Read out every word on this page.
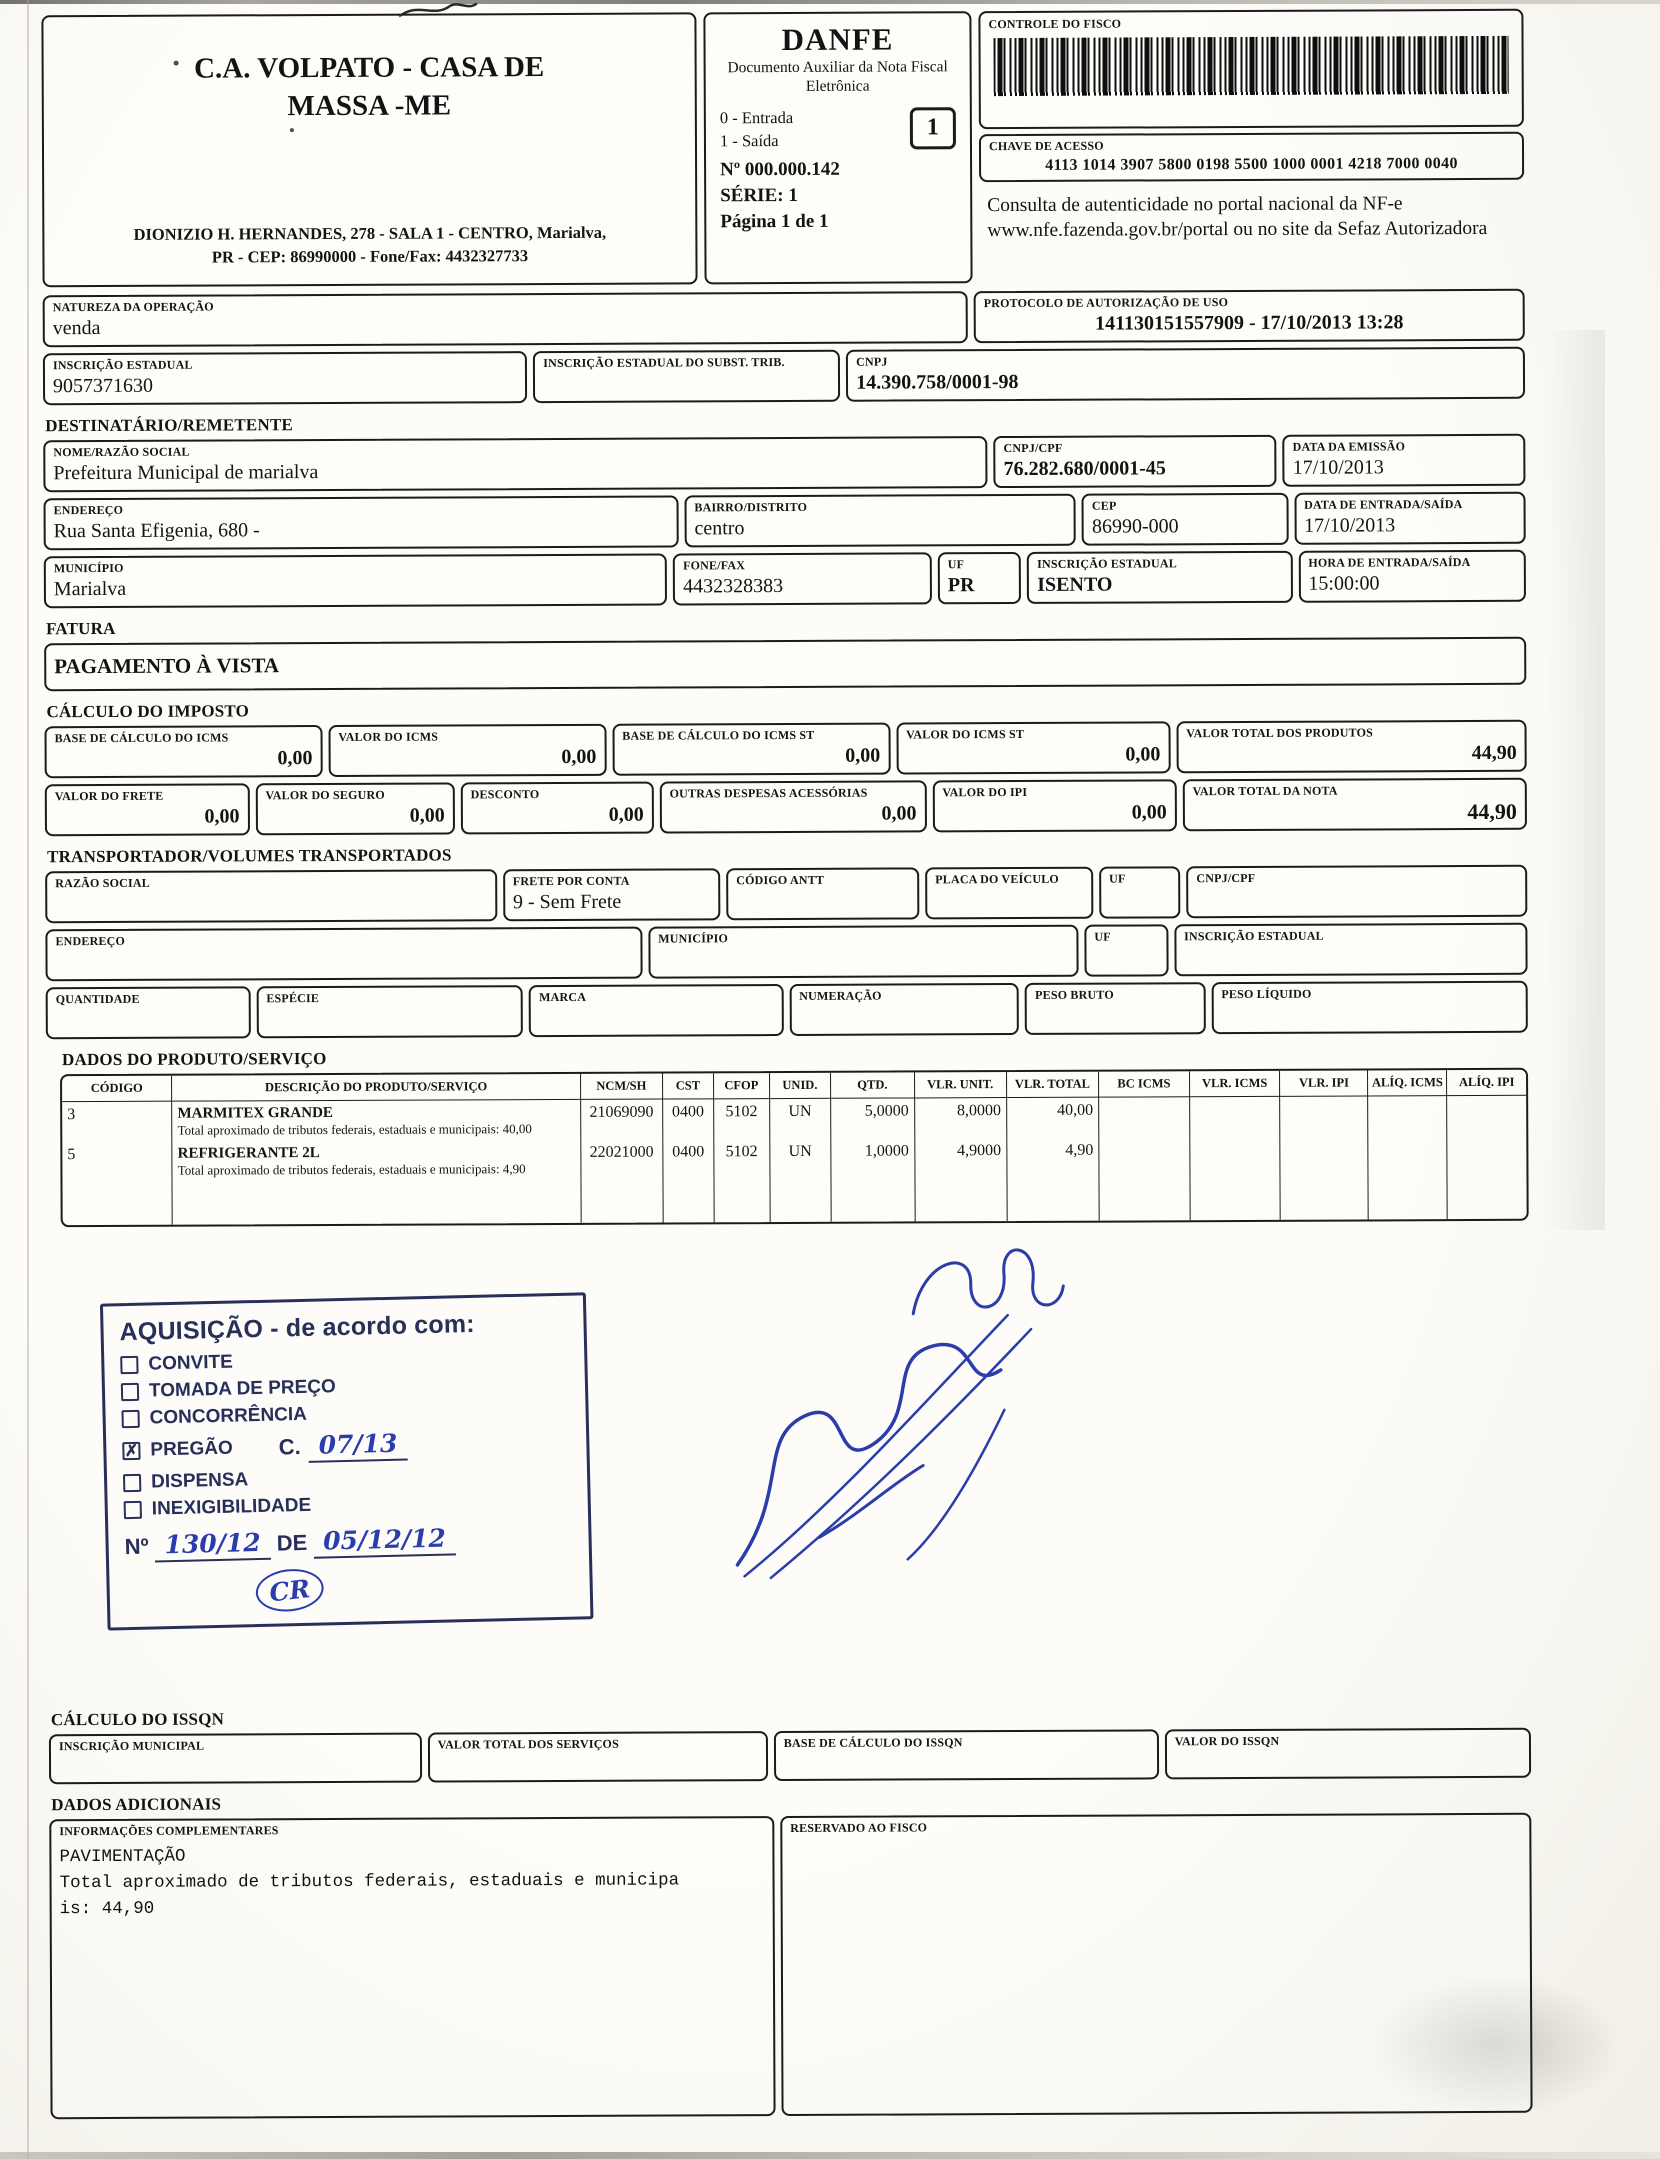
C.A. VOLPATO - CASA DE MASSA -ME
DIONIZIO H. HERNANDES, 278 - SALA 1 - CENTRO, Marialva,
PR - CEP: 86990000 - Fone/Fax: 4432327733
DANFE
Documento Auxiliar da Nota Fiscal Eletrônica
0 - Entrada
1 - Saída	1
Nº 000.000.142
SÉRIE: 1
Página 1 de 1
CONTROLE DO FISCO
CHAVE DE ACESSO
4113 1014 3907 5800 0198 5500 1000 0001 4218 7000 0040
Consulta de autenticidade no portal nacional da NF-e www.nfe.fazenda.gov.br/portal ou no site da Sefaz Autorizadora
NATUREZA DA OPERAÇÃO
venda
PROTOCOLO DE AUTORIZAÇÃO DE USO
141130151557909 - 17/10/2013 13:28
INSCRIÇÃO ESTADUAL
9057371630
INSCRIÇÃO ESTADUAL DO SUBST. TRIB.	CNPJ
14.390.758/0001-98
DESTINATÁRIO/REMETENTE
NOME/RAZÃO SOCIAL
Prefeitura Municipal de marialva
CNPJ/CPF
76.282.680/0001-45
DATA DA EMISSÃO
17/10/2013
ENDEREÇO
Rua Santa Efigenia, 680 -
BAIRRO/DISTRITO
centro
CEP
86990-000
DATA DE ENTRADA/SAÍDA
17/10/2013
MUNICÍPIO
Marialva
FONE/FAX
4432328383
UF
PR
INSCRIÇÃO ESTADUAL
ISENTO
HORA DE ENTRADA/SAÍDA
15:00:00
FATURA
PAGAMENTO À VISTA
CÁLCULO DO IMPOSTO
BASE DE CÁLCULO DO ICMS
0,00
VALOR DO ICMS
0,00
BASE DE CÁLCULO DO ICMS ST
0,00
VALOR DO ICMS ST
0,00
VALOR TOTAL DOS PRODUTOS
44,90
VALOR DO FRETE
0,00
VALOR DO SEGURO
0,00
DESCONTO
0,00
OUTRAS DESPESAS ACESSÓRIAS
0,00
VALOR DO IPI
0,00
VALOR TOTAL DA NOTA
44,90
TRANSPORTADOR/VOLUMES TRANSPORTADOS
RAZÃO SOCIAL	FRETE POR CONTA
9 - Sem Frete
CÓDIGO ANTT	PLACA DO VEÍCULO	UF	CNPJ/CPF
ENDEREÇO	MUNICÍPIO	UF	INSCRIÇÃO ESTADUAL
QUANTIDADE	ESPÉCIE	MARCA	NUMERAÇÃO	PESO BRUTO	PESO LÍQUIDO
DADOS DO PRODUTO/SERVIÇO
CÓDIGO	DESCRIÇÃO DO PRODUTO/SERVIÇO	NCM/SH	CST	CFOP	UNID.	QTD.	VLR. UNIT.	VLR. TOTAL	BC ICMS	VLR. ICMS	VLR. IPI	ALÍQ. ICMS	ALÍQ. IPI
3	MARMITEX GRANDE
Total aproximado de tributos federais, estaduais e municipais: 40,00	21069090	0400	5102	UN	5,0000	8,0000	40,00					
5	REFRIGERANTE 2L
Total aproximado de tributos federais, estaduais e municipais: 4,90	22021000	0400	5102	UN	1,0000	4,9000	4,90					

AQUISIÇÃO - de acordo com:
CONVITE
TOMADA DE PREÇO
CONCORRÊNCIA
✗ PREGÃO C. 07/13
DISPENSA
INEXIGIBILIDADE
Nº 130/12 DE 05/12/12
CR
CÁLCULO DO ISSQN
INSCRIÇÃO MUNICIPAL	VALOR TOTAL DOS SERVIÇOS	BASE DE CÁLCULO DO ISSQN	VALOR DO ISSQN
DADOS ADICIONAIS
INFORMAÇÕES COMPLEMENTARES
PAVIMENTAÇÃO
Total aproximado de tributos federais, estaduais e municipa
is: 44,90
RESERVADO AO FISCO
